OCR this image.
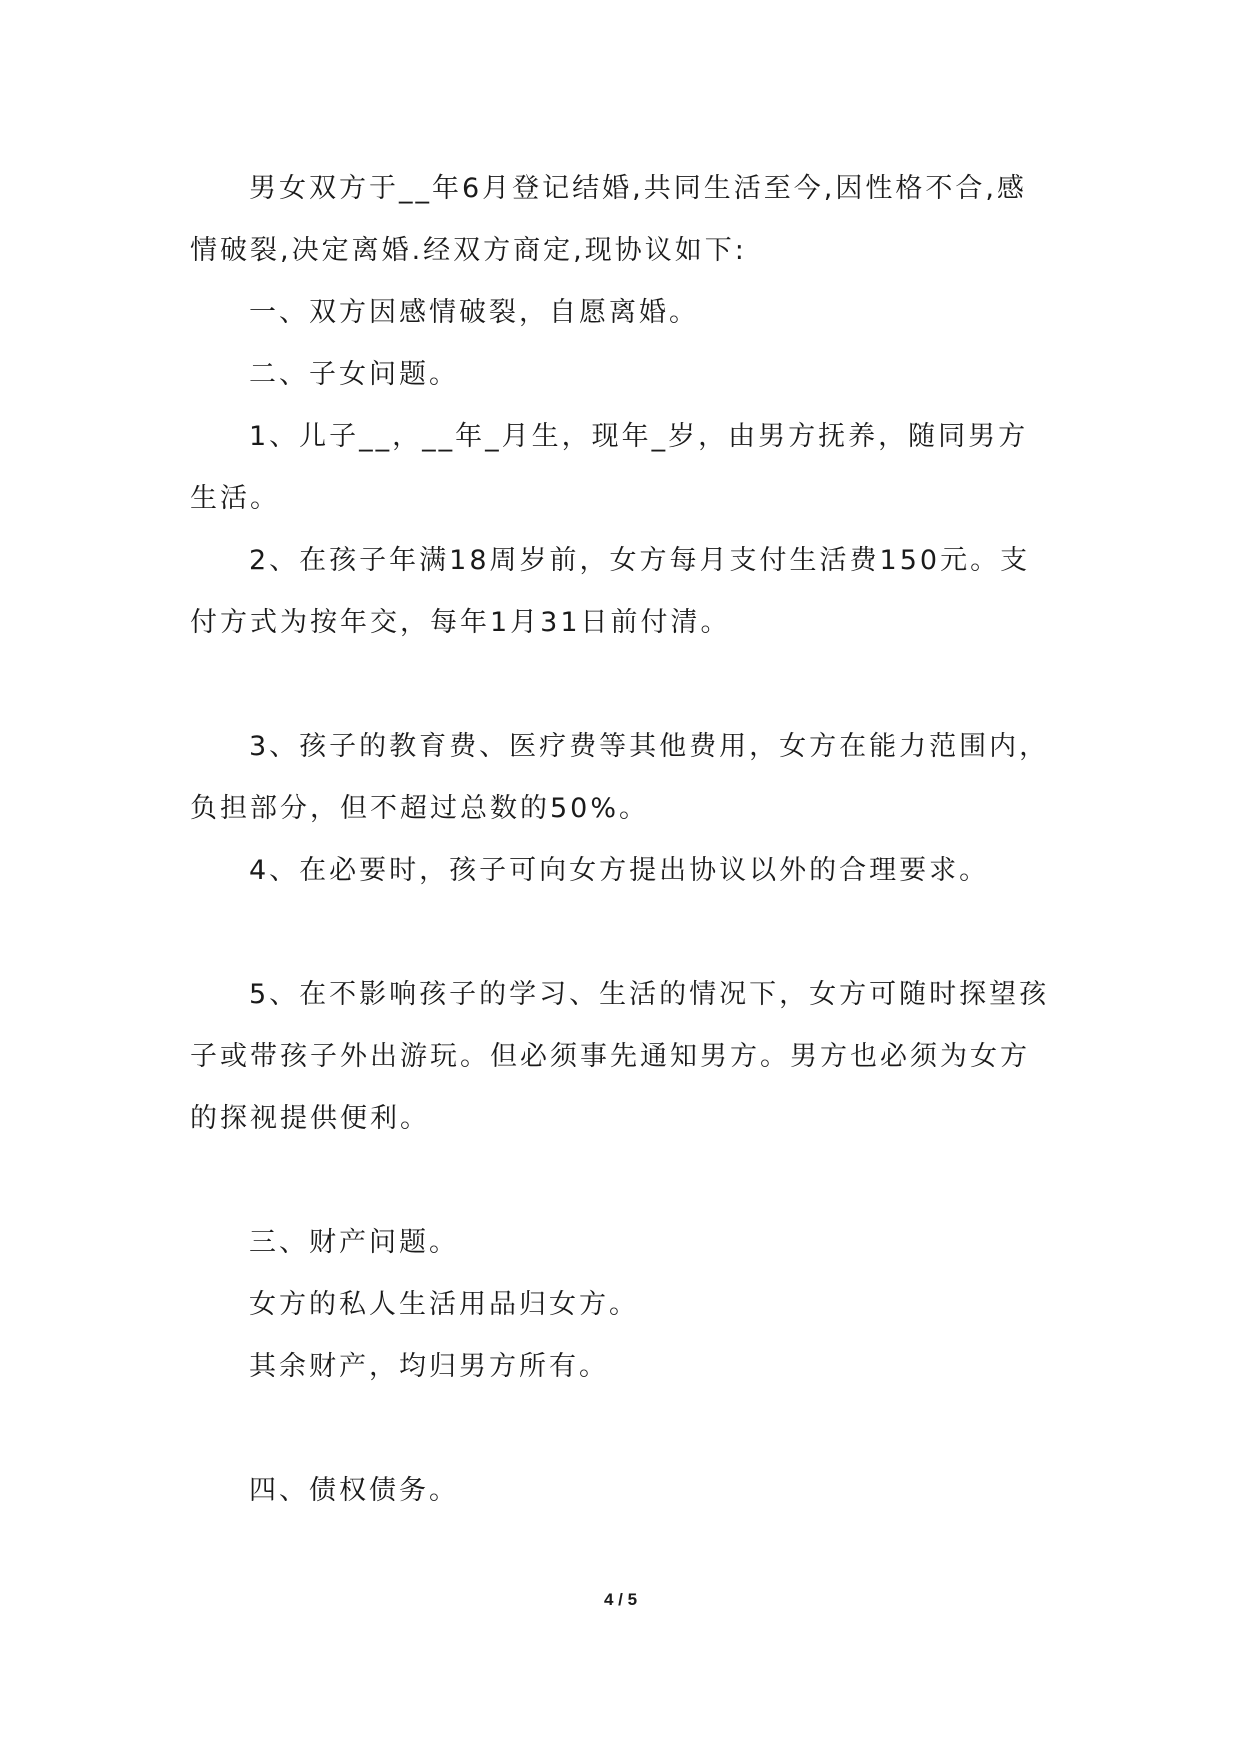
男女双方于__年6月登记结婚,共同生活至今,因性格不合,感情破裂,决定离婚.经双方商定,现协议如下:

一、双方因感情破裂，自愿离婚。

二、子女问题。

1、儿子__，__年_月生，现年_岁，由男方抚养，随同男方生活。

2、在孩子年满18周岁前，女方每月支付生活费150元。支付方式为按年交，每年1月31日前付清。

3、孩子的教育费、医疗费等其他费用，女方在能力范围内，负担部分，但不超过总数的50%。

4、在必要时，孩子可向女方提出协议以外的合理要求。

5、在不影响孩子的学习、生活的情况下，女方可随时探望孩子或带孩子外出游玩。但必须事先通知男方。男方也必须为女方的探视提供便利。

三、财产问题。

女方的私人生活用品归女方。

其余财产，均归男方所有。

四、债权债务。

4 / 5
